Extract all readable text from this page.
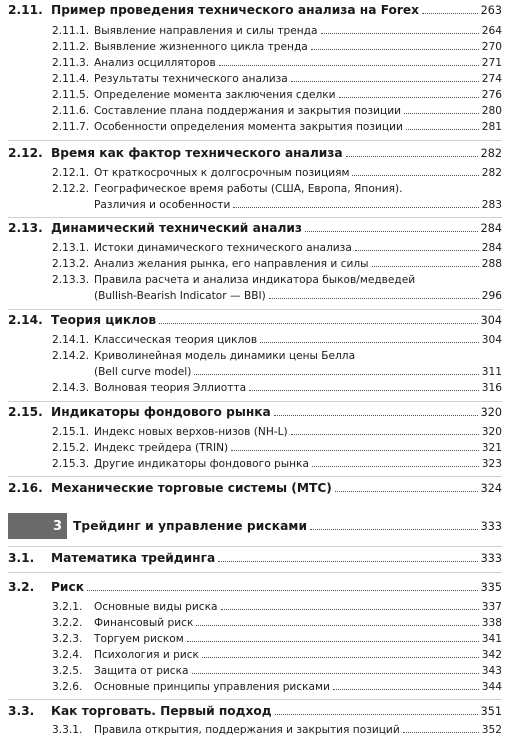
2.11. Пример проведения технического анализа на Forex	263
2.11.1. Выявление направления и силы тренда	264
2.11.2. Выявление жизненного цикла тренда	270
2.11.3. Анализ осцилляторов	271
2.11.4. Результаты технического анализа	274
2.11.5. Определение момента заключения сделки	276
2.11.6. Составление плана поддержания и закрытия позиции	280
2.11.7. Особенности определения момента закрытия позиции	281
2.12. Время как фактор технического анализа	282
2.12.1. От краткосрочных к долгосрочным позициям	282
2.12.2. Географическое время работы (США, Европа, Япония).
Различия и особенности	283
2.13. Динамический технический анализ	284
2.13.1. Истоки динамического технического анализа	284
2.13.2. Анализ желания рынка, его направления и силы	288
2.13.3. Правила расчета и анализа индикатора быков/медведей
(Bullish-Bearish Indicator — BBI)	296
2.14. Теория циклов	304
2.14.1. Классическая теория циклов	304
2.14.2. Криволинейная модель динамики цены Белла
(Bell curve model)	311
2.14.3. Волновая теория Эллиотта	316
2.15. Индикаторы фондового рынка	320
2.15.1. Индекс новых верхов-низов (NH-L)	320
2.15.2. Индекс трейдера (TRIN)	321
2.15.3. Другие индикаторы фондового рынка	323
2.16. Механические торговые системы (МТС)	324
3 Трейдинг и управление рисками	333
3.1.	Математика трейдинга	333
3.2.	Риск	335
3.2.1.	Основные виды риска	337
3.2.2.	Финансовый риск	338
3.2.3.	Торгуем риском	341
3.2.4.	Психология и риск	342
3.2.5.	Защита от риска	343
3.2.6.	Основные принципы управления рисками	344
3.3.	Как торговать. Первый подход	351
3.3.1.	Правила открытия, поддержания и закрытия позиций	352
